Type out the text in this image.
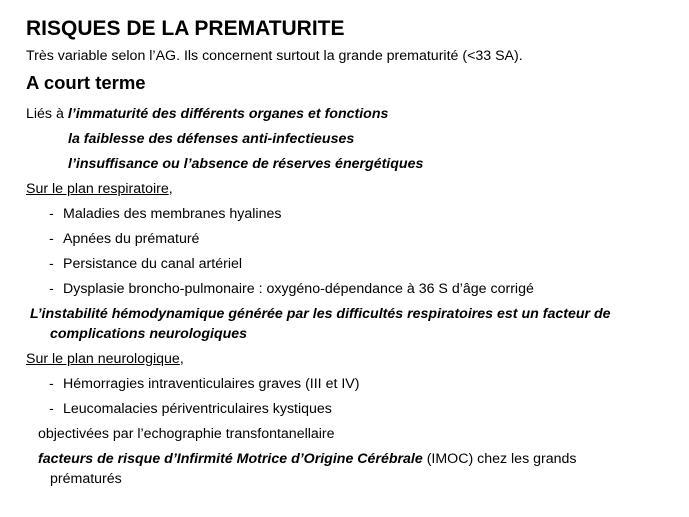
RISQUES DE LA PREMATURITE
Très variable selon l’AG. Ils concernent surtout la grande prematurité (<33 SA).
A court terme
Liés à l’immaturité des différents organes et fonctions
la faiblesse des défenses anti-infectieuses
l’insuffisance ou l’absence de réserves énergétiques
Sur le plan respiratoire,
- Maladies des membranes hyalines
- Apnées du prématuré
- Persistance du canal artériel
- Dysplasie broncho-pulmonaire : oxygéno-dépendance à 36 S d’âge corrigé
L’instabilité hémodynamique générée par les difficultés respiratoires est un facteur de
complications neurologiques
Sur le plan neurologique,
- Hémorragies intraventiculaires graves (III et IV)
- Leucomalacies périventriculaires kystiques
objectivées par l’echographie transfontanellaire
facteurs de risque d’Infirmité Motrice d’Origine Cérébrale (IMOC) chez les grands
prématurés
